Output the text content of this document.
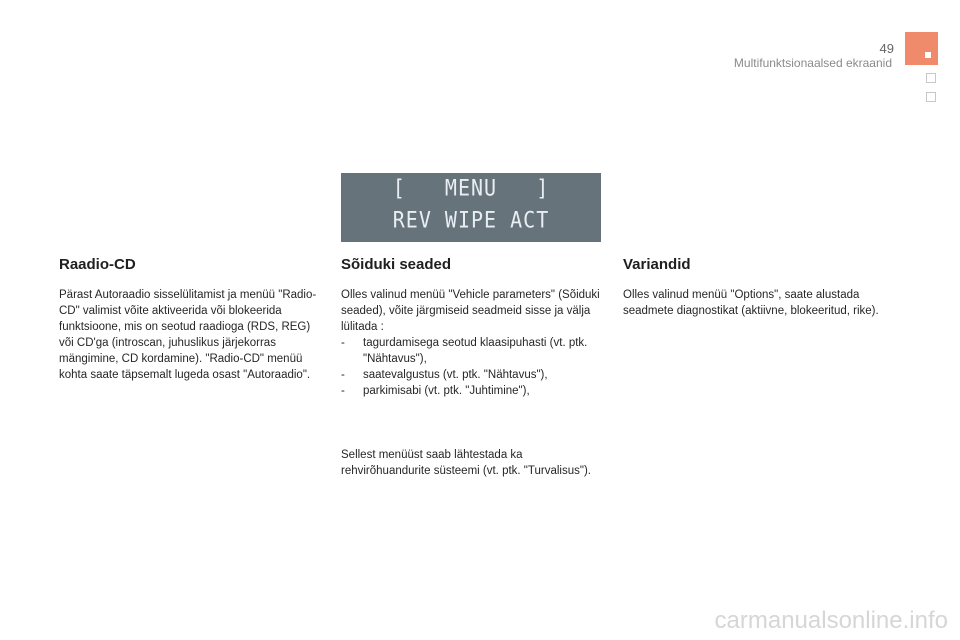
49
Multifunktsionaalsed ekraanid
[   MENU   ]
REV WIPE ACT
Raadio-CD

Pärast Autoraadio sisselülitamist ja menüü "Radio-CD" valimist võite aktiveerida või blokeerida funktsioone, mis on seotud raadioga (RDS, REG) või CD'ga (introscan, juhuslikus järjekorras mängimine, CD kordamine). "Radio-CD" menüü kohta saate täpsemalt lugeda osast "Autoraadio".

Sõiduki seaded

Olles valinud menüü "Vehicle parameters" (Sõiduki seaded), võite järgmiseid seadmeid sisse ja välja lülitada :

- tagurdamisega seotud klaasipuhasti (vt. ptk. "Nähtavus"),
- saatevalgustus (vt. ptk. "Nähtavus"),
- parkimisabi (vt. ptk. "Juhtimine"),

Sellest menüüst saab lähtestada ka rehvirõhuandurite süsteemi (vt. ptk. "Turvalisus").

Variandid

Olles valinud menüü "Options", saate alustada seadmete diagnostikat (aktiivne, blokeeritud, rike).

carmanualsonline.info
